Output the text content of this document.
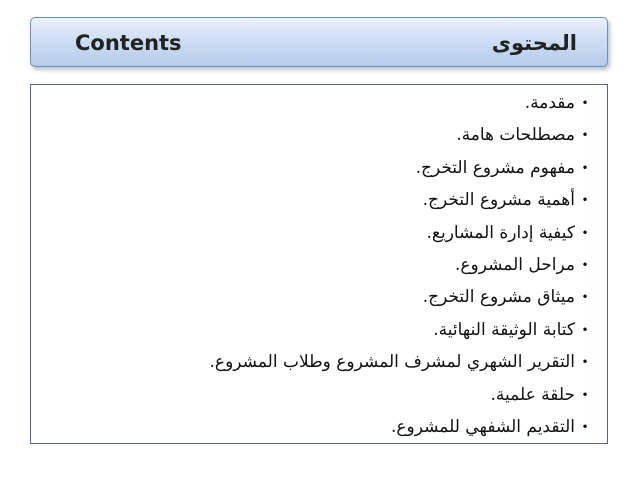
Contents	المحتوى
•مقدمة.
•مصطلحات هامة.
•مفهوم مشروع التخرج.
•أهمية مشروع التخرج.
•كيفية إدارة المشاريع.
•مراحل المشروع.
•ميثاق مشروع التخرج.
•كتابة الوثيقة النهائية.
•التقرير الشهري لمشرف المشروع وطلاب المشروع.
•حلقة علمية.
•التقديم الشفهي للمشروع.
